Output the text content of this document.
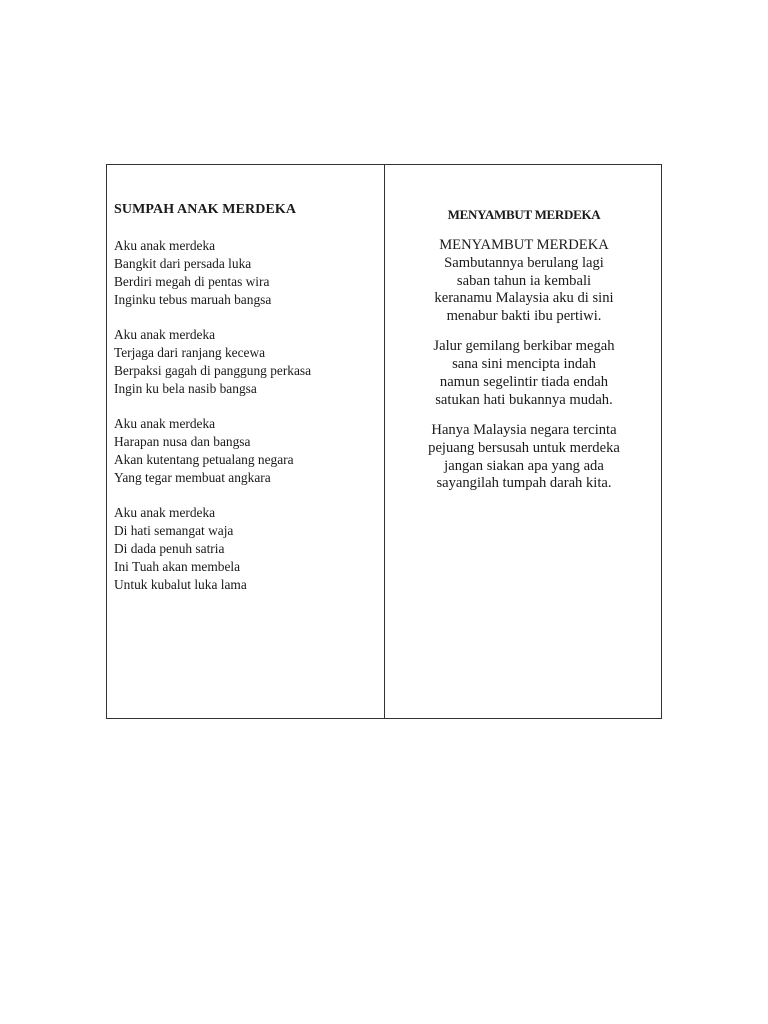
SUMPAH ANAK MERDEKA
Aku anak merdeka
Bangkit dari persada luka
Berdiri megah di pentas wira
Inginku tebus maruah bangsa
Aku anak merdeka
Terjaga dari ranjang kecewa
Berpaksi gagah di panggung perkasa
Ingin ku bela nasib bangsa
Aku anak merdeka
Harapan nusa dan bangsa
Akan kutentang petualang negara
Yang tegar membuat angkara
Aku anak merdeka
Di hati semangat waja
Di dada penuh satria
Ini Tuah akan membela
Untuk kubalut luka lama
MENYAMBUT MERDEKA
MENYAMBUT MERDEKA
Sambutannya berulang lagi
saban tahun ia kembali
keranamu Malaysia aku di sini
menabur bakti ibu pertiwi.
Jalur gemilang berkibar megah
sana sini mencipta indah
namun segelintir tiada endah
satukan hati bukannya mudah.
Hanya Malaysia negara tercinta
pejuang bersusah untuk merdeka
jangan siakan apa yang ada
sayangilah tumpah darah kita.
